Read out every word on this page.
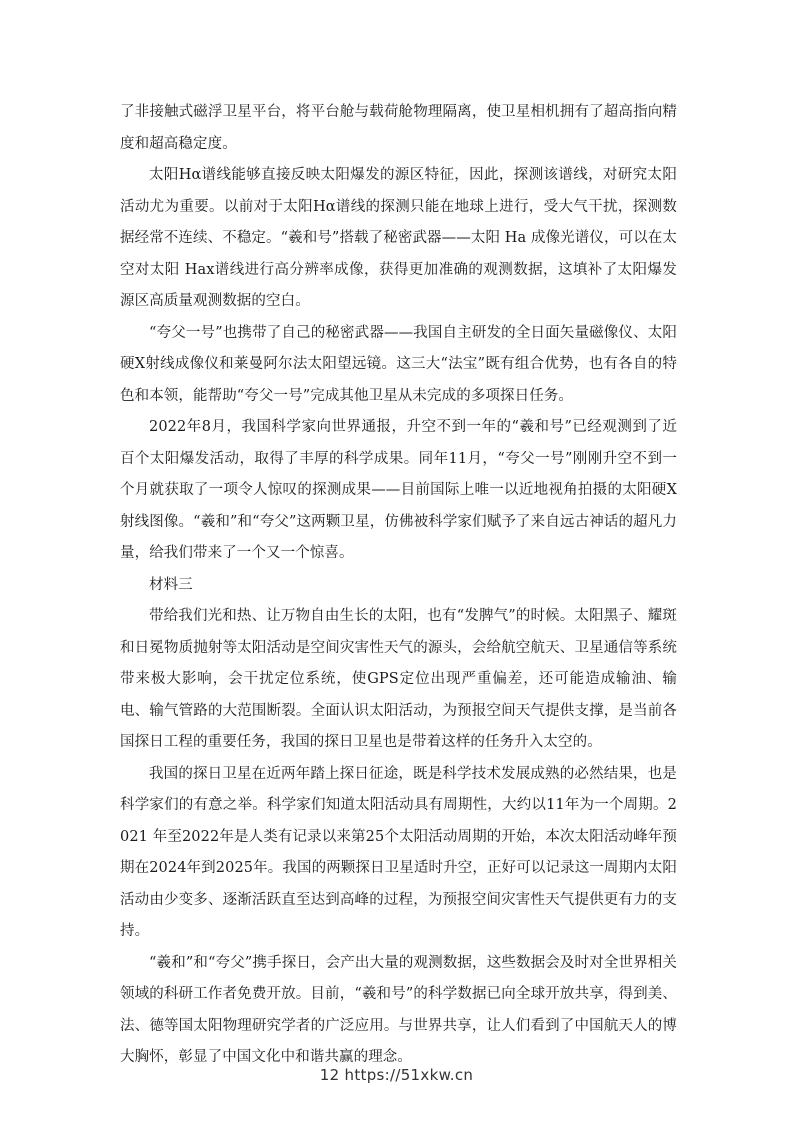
了非接触式磁浮卫星平台，将平台舱与载荷舱物理隔离，使卫星相机拥有了超高指向精度和超高稳定度。

太阳Hα谱线能够直接反映太阳爆发的源区特征，因此，探测该谱线，对研究太阳活动尤为重要。以前对于太阳Hα谱线的探测只能在地球上进行，受大气干扰，探测数据经常不连续、不稳定。“羲和号”搭载了秘密武器——太阳 Ha 成像光谱仪，可以在太空对太阳 Hax谱线进行高分辨率成像，获得更加准确的观测数据，这填补了太阳爆发源区高质量观测数据的空白。

“夸父一号”也携带了自己的秘密武器——我国自主研发的全日面矢量磁像仪、太阳硬X射线成像仪和莱曼阿尔法太阳望远镜。这三大“法宝”既有组合优势，也有各自的特色和本领，能帮助“夸父一号”完成其他卫星从未完成的多项探日任务。

2022年8月，我国科学家向世界通报，升空不到一年的“羲和号”已经观测到了近百个太阳爆发活动，取得了丰厚的科学成果。同年11月，“夸父一号”刚刚升空不到一个月就获取了一项令人惊叹的探测成果——目前国际上唯一以近地视角拍摄的太阳硬X射线图像。“羲和”和“夸父”这两颗卫星，仿佛被科学家们赋予了来自远古神话的超凡力量，给我们带来了一个又一个惊喜。

材料三

带给我们光和热、让万物自由生长的太阳，也有“发脾气”的时候。太阳黑子、耀斑和日冕物质抛射等太阳活动是空间灾害性天气的源头，会给航空航天、卫星通信等系统带来极大影响，会干扰定位系统，使GPS定位出现严重偏差，还可能造成输油、输电、输气管路的大范围断裂。全面认识太阳活动，为预报空间天气提供支撑，是当前各国探日工程的重要任务，我国的探日卫星也是带着这样的任务升入太空的。

我国的探日卫星在近两年踏上探日征途，既是科学技术发展成熟的必然结果，也是科学家们的有意之举。科学家们知道太阳活动具有周期性，大约以11年为一个周期。2021 年至2022年是人类有记录以来第25个太阳活动周期的开始，本次太阳活动峰年预期在2024年到2025年。我国的两颗探日卫星适时升空，正好可以记录这一周期内太阳活动由少变多、逐渐活跃直至达到高峰的过程，为预报空间灾害性天气提供更有力的支持。

“羲和”和“夸父”携手探日，会产出大量的观测数据，这些数据会及时对全世界相关领域的科研工作者免费开放。目前，“羲和号”的科学数据已向全球开放共享，得到美、法、德等国太阳物理研究学者的广泛应用。与世界共享，让人们看到了中国航天人的博大胸怀，彰显了中国文化中和谐共赢的理念。

12 https://51xkw.cn
